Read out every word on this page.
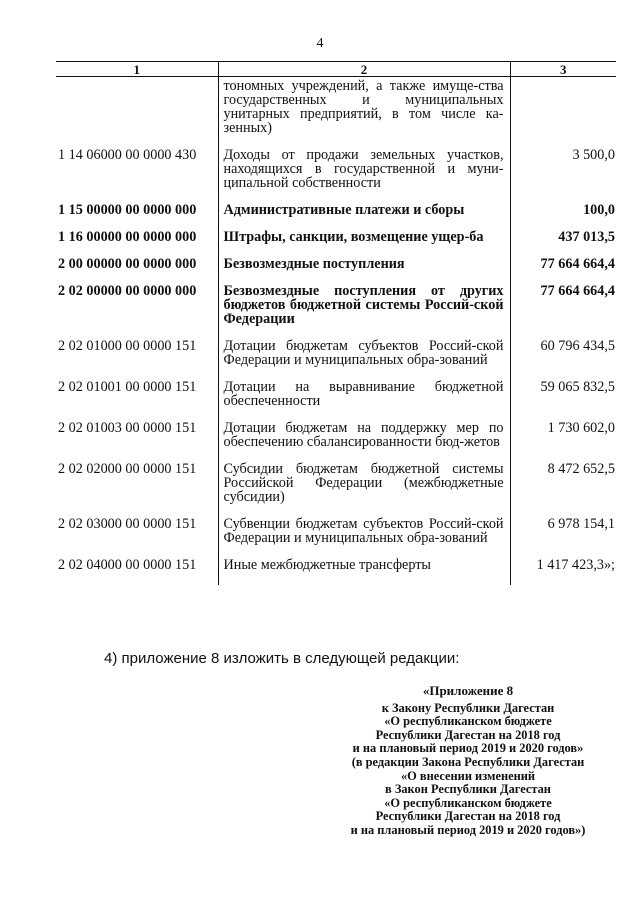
4
1	2	3
	тономных учреждений, а также имуще-ства государственных и муниципальных унитарных предприятий, в том числе ка-зенных)	
1 14 06000 00 0000 430	Доходы от продажи земельных участков, находящихся в государственной и муни-ципальной собственности	3 500,0
1 15 00000 00 0000 000	Административные платежи и сборы	100,0
1 16 00000 00 0000 000	Штрафы, санкции, возмещение ущер-ба	437 013,5
2 00 00000 00 0000 000	Безвозмездные поступления	77 664 664,4
2 02 00000 00 0000 000	Безвозмездные поступления от других бюджетов бюджетной системы Россий-ской Федерации	77 664 664,4
2 02 01000 00 0000 151	Дотации бюджетам субъектов Россий-ской Федерации и муниципальных обра-зований	60 796 434,5
2 02 01001 00 0000 151	Дотации на выравнивание бюджетной обеспеченности	59 065 832,5
2 02 01003 00 0000 151	Дотации бюджетам на поддержку мер по обеспечению сбалансированности бюд-жетов	1 730 602,0
2 02 02000 00 0000 151	Субсидии бюджетам бюджетной системы Российской Федерации (межбюджетные субсидии)	8 472 652,5
2 02 03000 00 0000 151	Субвенции бюджетам субъектов Россий-ской Федерации и муниципальных обра-зований	6 978 154,1
2 02 04000 00 0000 151	Иные межбюджетные трансферты	1 417 423,3»;
4) приложение 8 изложить в следующей редакции:
«Приложение 8
к Закону Республики Дагестан
«О республиканском бюджете
Республики Дагестан на 2018 год
и на плановый период 2019 и 2020 годов»
(в редакции Закона Республики Дагестан
«О внесении изменений
в Закон Республики Дагестан
«О республиканском бюджете
Республики Дагестан на 2018 год
и на плановый период 2019 и 2020 годов»)
